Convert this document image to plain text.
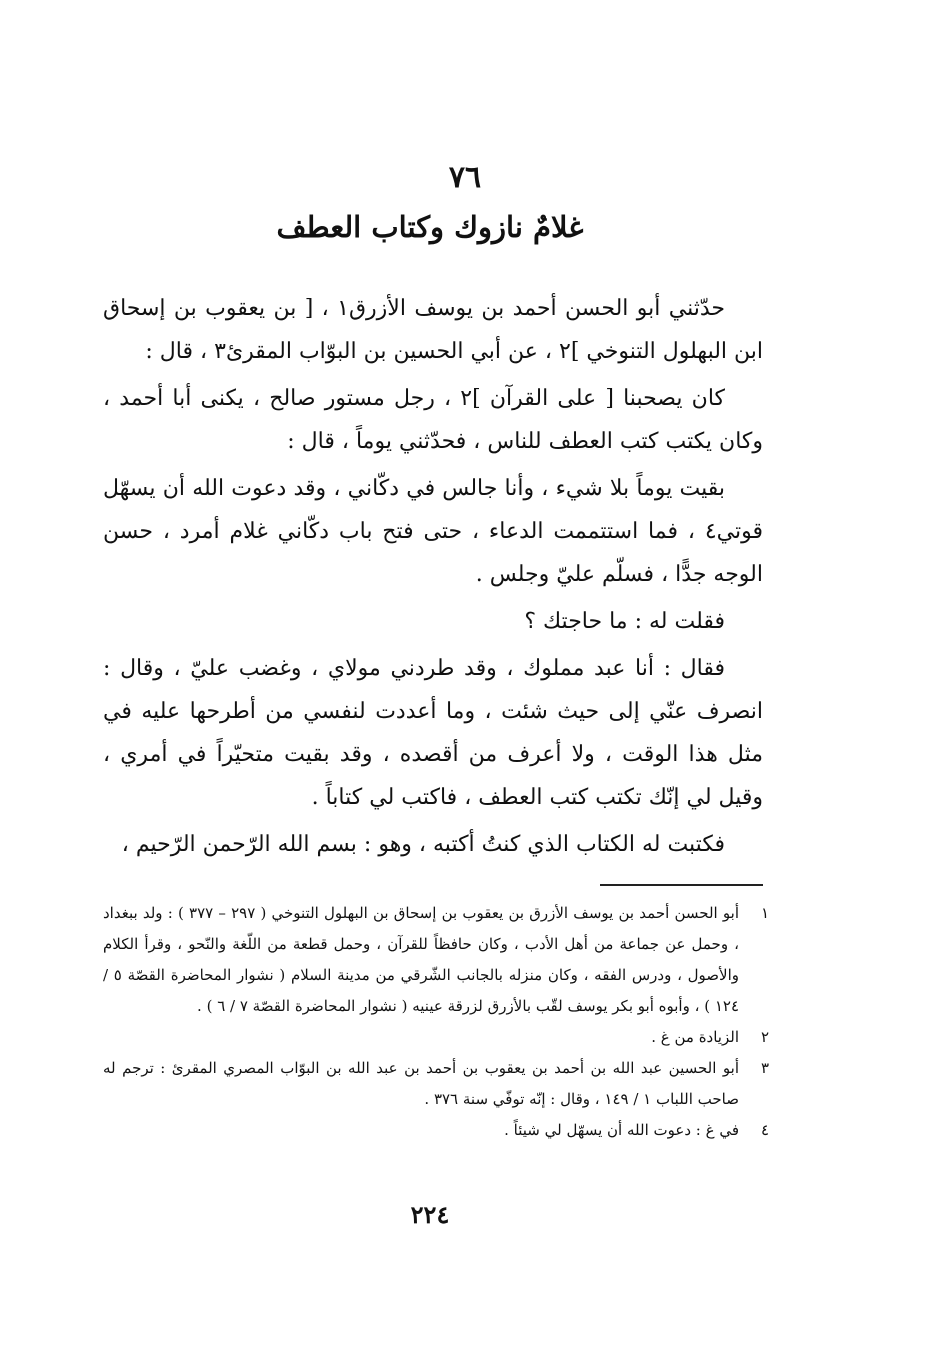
٧٦
غلامٌ نازوك وكتاب العطف

حدّثني أبو الحسن أحمد بن يوسف الأزرق١ ، [ بن يعقوب بن إسحاق ابن البهلول التنوخي ]٢ ، عن أبي الحسين بن البوّاب المقرئ٣ ، قال :

كان يصحبنا [ على القرآن ]٢ ، رجل مستور صالح ، يكنى أبا أحمد ، وكان يكتب كتب العطف للناس ، فحدّثني يوماً ، قال :

بقيت يوماً بلا شيء ، وأنا جالس في دكّاني ، وقد دعوت الله أن يسهّل قوتي٤ ، فما استتممت الدعاء ، حتى فتح باب دكّاني غلام أمرد ، حسن الوجه جدًّا ، فسلّم عليّ وجلس .

فقلت له : ما حاجتك ؟

فقال : أنا عبد مملوك ، وقد طردني مولاي ، وغضب عليّ ، وقال : انصرف عنّي إلى حيث شئت ، وما أعددت لنفسي من أطرحها عليه في مثل هذا الوقت ، ولا أعرف من أقصده ، وقد بقيت متحيّراً في أمري ، وقيل لي إنّك تكتب كتب العطف ، فاكتب لي كتاباً .

فكتبت له الكتاب الذي كنتُ أكتبه ، وهو : بسم الله الرّحمن الرّحيم ،

١
أبو الحسن أحمد بن يوسف الأزرق بن يعقوب بن إسحاق بن البهلول التنوخي ( ٢٩٧ – ٣٧٧ ) : ولد ببغداد ، وحمل عن جماعة من أهل الأدب ، وكان حافظاً للقرآن ، وحمل قطعة من اللّغة والنّحو ، وقرأ الكلام والأصول ، ودرس الفقه ، وكان منزله بالجانب الشّرقي من مدينة السلام ( نشوار المحاضرة القصّة ٥ / ١٢٤ ) ، وأبوه أبو بكر يوسف لقّب بالأزرق لزرقة عينيه ( نشوار المحاضرة القصّة ٧ / ٦ ) .
٢
الزيادة من غ .
٣
أبو الحسين عبد الله بن أحمد بن يعقوب بن أحمد بن عبد الله بن البوّاب المصري المقرئ : ترجم له صاحب اللباب ١ / ١٤٩ ، وقال : إنّه توفّي سنة ٣٧٦ .
٤
في غ : دعوت الله أن يسهّل لي شيئاً .
٢٢٤
